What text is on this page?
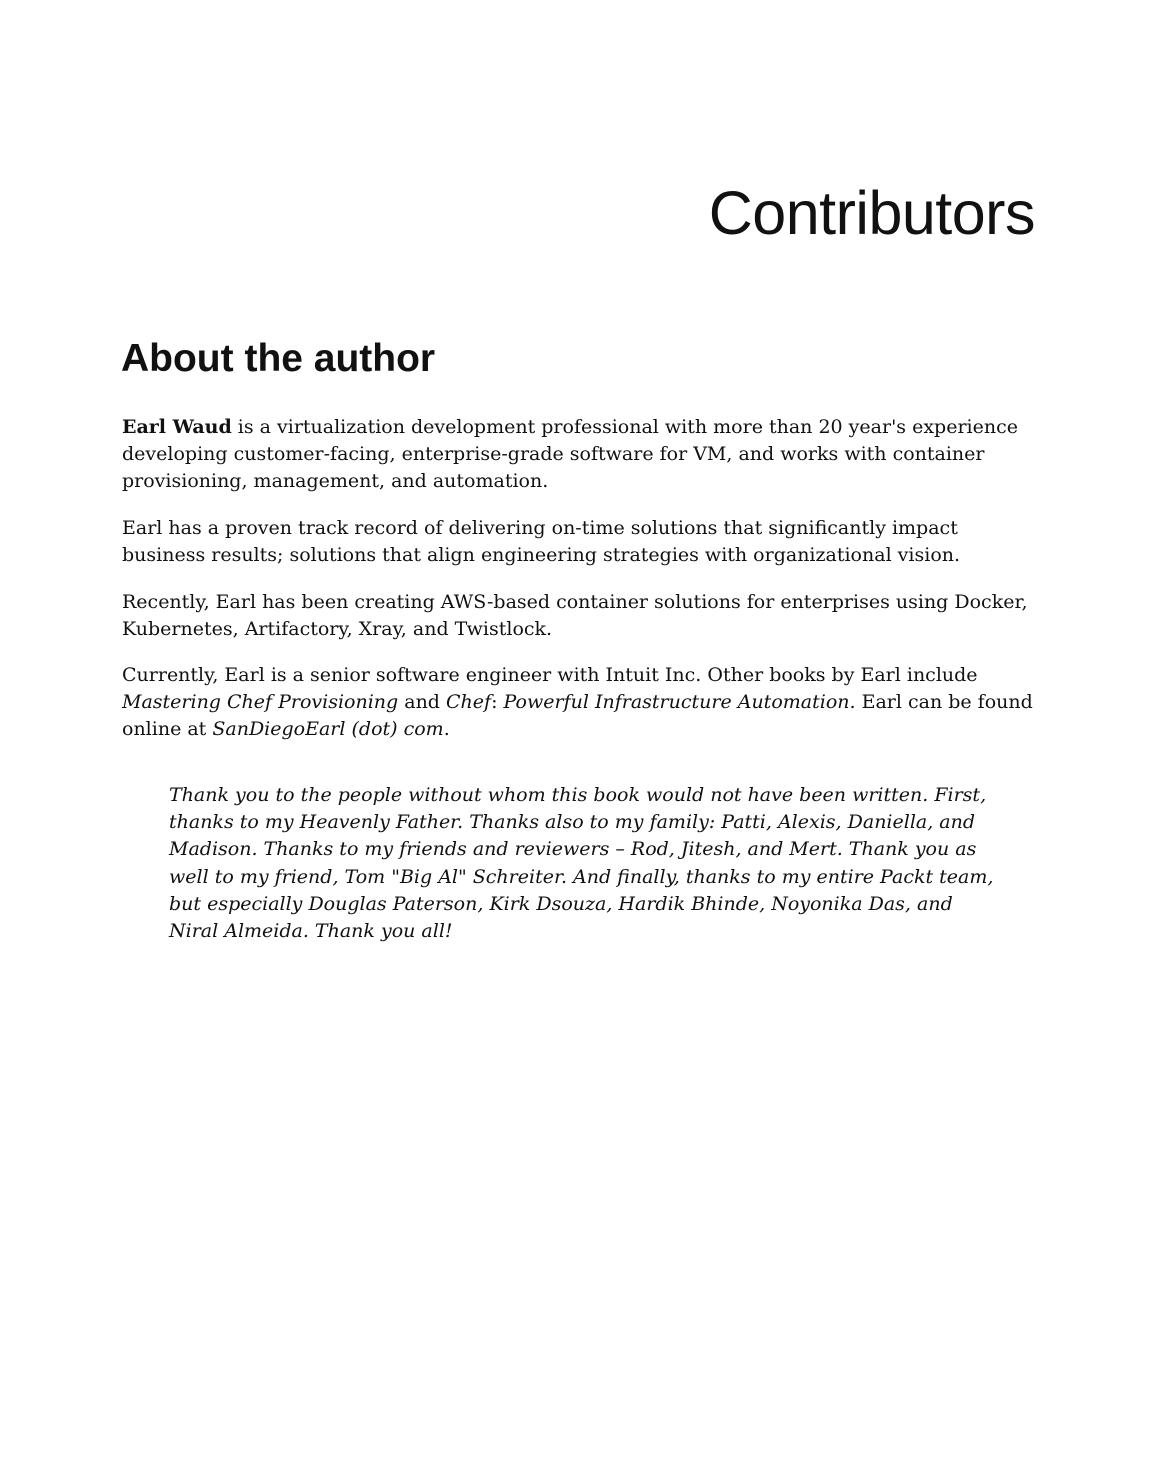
Contributors
About the author

Earl Waud is a virtualization development professional with more than 20 year's experience developing customer-facing, enterprise-grade software for VM, and works with container provisioning, management, and automation.

Earl has a proven track record of delivering on-time solutions that significantly impact business results; solutions that align engineering strategies with organizational vision.

Recently, Earl has been creating AWS-based container solutions for enterprises using Docker, Kubernetes, Artifactory, Xray, and Twistlock.

Currently, Earl is a senior software engineer with Intuit Inc. Other books by Earl include Mastering Chef Provisioning and Chef: Powerful Infrastructure Automation. Earl can be found online at SanDiegoEarl (dot) com.

Thank you to the people without whom this book would not have been written. First, thanks to my Heavenly Father. Thanks also to my family: Patti, Alexis, Daniella, and Madison. Thanks to my friends and reviewers – Rod, Jitesh, and Mert. Thank you as well to my friend, Tom "Big Al" Schreiter. And finally, thanks to my entire Packt team, but especially Douglas Paterson, Kirk Dsouza, Hardik Bhinde, Noyonika Das, and Niral Almeida. Thank you all!
